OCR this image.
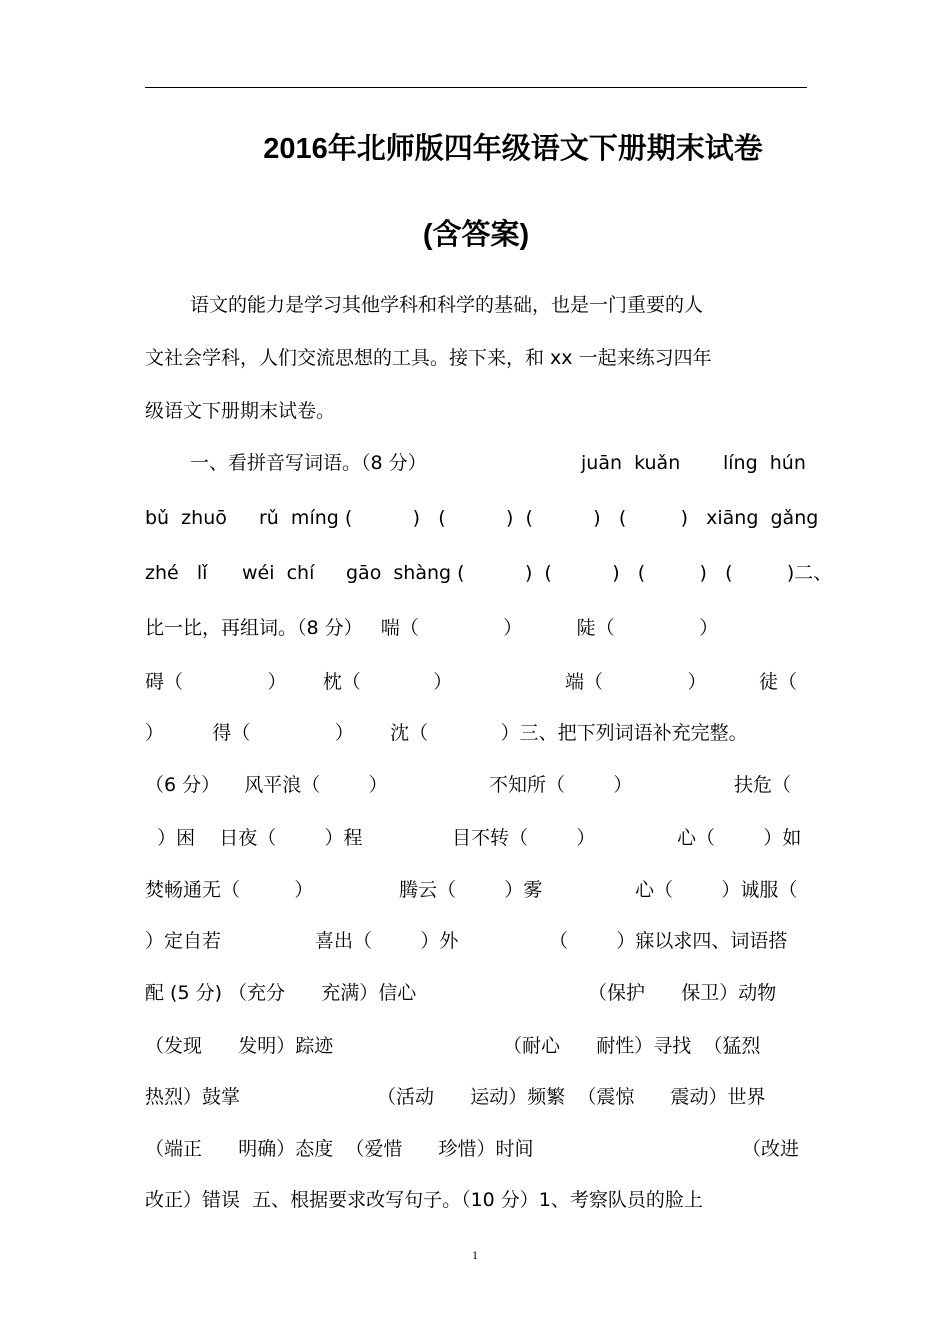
2016年北师版四年级语文下册期末试卷
(含答案)
语文的能力是学习其他学科和科学的基础，也是一门重要的人
文社会学科，人们交流思想的工具。接下来，和 xx 一起来练习四年
级语文下册期末试卷。
一、看拼音写词语。（8 分）	juān  kuǎn líng  hún
bǔ  zhuō rǔ  míng (          )   (          )  (          )   (         )   xiāng  gǎng
zhé   lǐ wéi  chí gāo  shàng (          )  (          )   (         )   (         )二、
比一比，再组词。（8 分）   喘（              ）         陡（              ）
碍（              ）      枕（            ）	端（              ）	徒（
）        得（              ）      沈（            ）三、把下列词语补充完整。
（6 分）    风平浪（        ）	不知所（        ）	扶危（
）困    日夜（        ）程	目不转（        ）	心（        ）如
焚畅通无（         ）	腾云（        ）雾	心（        ）诚服（
）定自若	喜出（        ）外	（        ）寐以求四、词语搭
配 (5 分) （充分      充满）信心	（保护      保卫）动物
（发现      发明）踪迹	（耐心      耐性）寻找  （猛烈
热烈）鼓掌	（活动      运动）频繁  （震惊      震动）世界
（端正      明确）态度  （爱惜      珍惜）时间	（改进
改正）错误  五、根据要求改写句子。（10 分）1、考察队员的脸上
1
